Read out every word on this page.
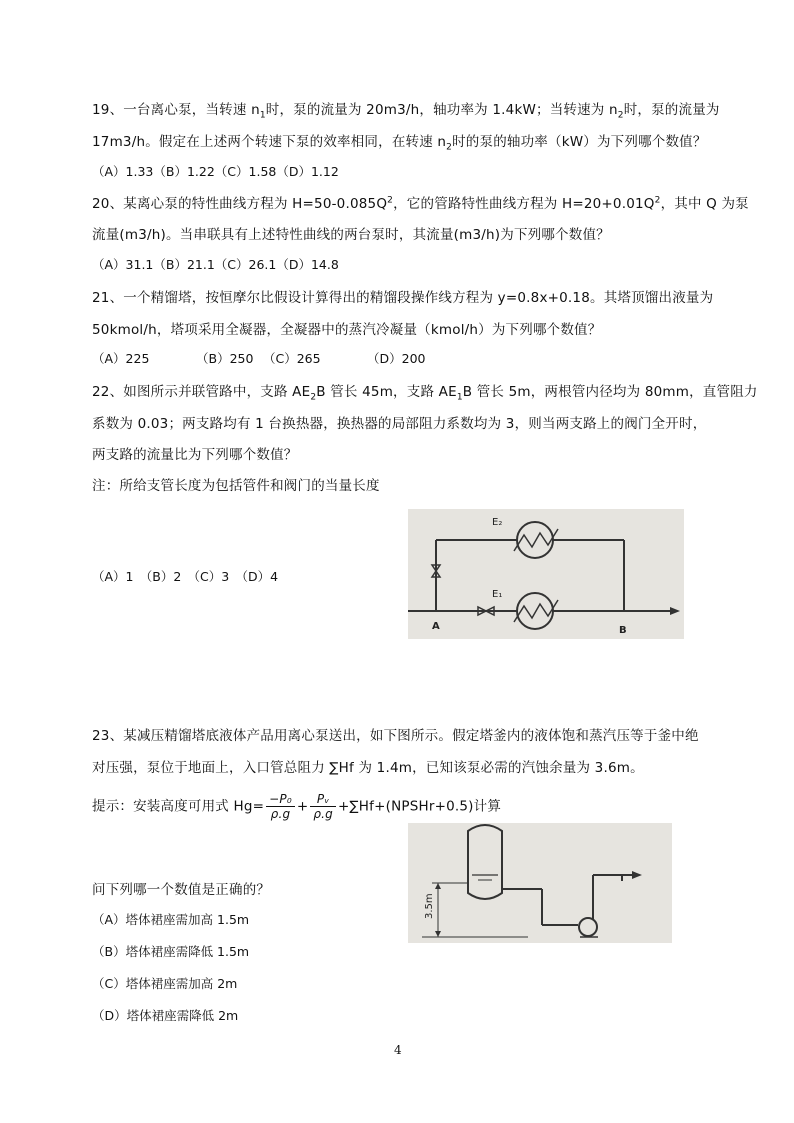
19、一台离心泵，当转速 $n_1$时，泵的流量为 20m3/h，轴功率为 1.4kW；当转速为 $n_2$时，泵的流量为
17m3/h。假定在上述两个转速下泵的效率相同，在转速 $n_2$时的泵的轴功率（kW）为下列哪个数值？
（A）1.33（B）1.22（C）1.58（D）1.12
20、某离心泵的特性曲线方程为 $H=50-0.085Q^2$，它的管路特性曲线方程为 $H=20+0.01Q^2$，其中 Q 为泵
流量(m3/h)。当串联具有上述特性曲线的两台泵时，其流量(m3/h)为下列哪个数值？
（A）31.1（B）21.1（C）26.1（D）14.8
21、一个精馏塔，按恒摩尔比假设计算得出的精馏段操作线方程为 y=0.8x+0.18。其塔顶馏出液量为
50kmol/h，塔项采用全凝器，全凝器中的蒸汽冷凝量（kmol/h）为下列哪个数值？
（A）225	（B）250 （C）265	（D）200
22、如图所示并联管路中，支路 $AE_2B$ 管长 45m，支路 $AE_1B$ 管长 5m，两根管内径均为 80mm，直管阻力
系数为 0.03；两支路均有 1 台换热器，换热器的局部阻力系数均为 3，则当两支路上的阀门全开时，
两支路的流量比为下列哪个数值？
注：所给支管长度为包括管件和阀门的当量长度
（A）1　（B）2　（C）3　（D）4
E₂
E₁
A	B
23、某减压精馏塔底液体产品用离心泵送出，如下图所示。假定塔釜内的液体饱和蒸汽压等于釜中绝
对压强，泵位于地面上，入口管总阻力 ∑Hf 为 1.4m，已知该泵必需的汽蚀余量为 3.6m。
提示：安装高度可用式 $Hg= \frac{\text{−P₀}}{\rho.g} + \frac{\text{Pᵥ}}{\rho.g}$ +∑Hf+(NPSHr+0.5)计算
问下列哪一个数值是正确的？
（A）塔体裙座需加高 1.5m
（B）塔体裙座需降低 1.5m
（C）塔体裙座需加高 2m
（D）塔体裙座需降低 2m
3.5m
4
